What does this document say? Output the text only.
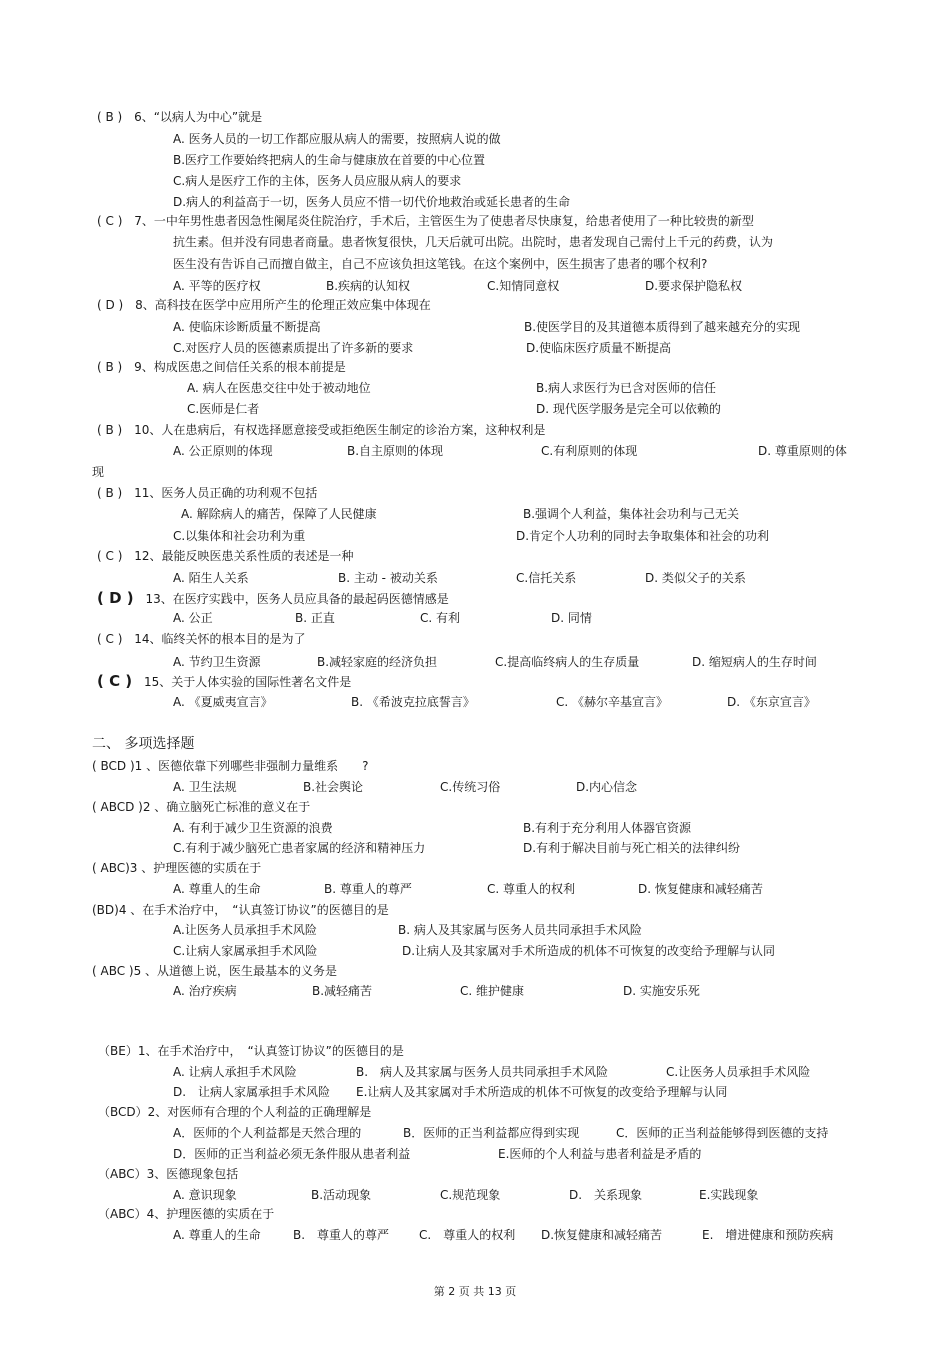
( B ) 6、“以病人为中心”就是
A. 医务人员的一切工作都应服从病人的需要，按照病人说的做
B.医疗工作要始终把病人的生命与健康放在首要的中心位置
C.病人是医疗工作的主体，医务人员应服从病人的要求
D.病人的利益高于一切，医务人员应不惜一切代价地救治或延长患者的生命
( C ) 7、一中年男性患者因急性阑尾炎住院治疗，手术后，主管医生为了使患者尽快康复，给患者使用了一种比较贵的新型
抗生素。但并没有同患者商量。患者恢复很快，几天后就可出院。出院时，患者发现自己需付上千元的药费，认为
医生没有告诉自己而擅自做主，自己不应该负担这笔钱。在这个案例中，医生损害了患者的哪个权利?
A. 平等的医疗权	B.疾病的认知权	C.知情同意权	D.要求保护隐私权
( D ) 8、高科技在医学中应用所产生的伦理正效应集中体现在
A. 使临床诊断质量不断提高	B.使医学目的及其道德本质得到了越来越充分的实现
C.对医疗人员的医德素质提出了许多新的要求	D.使临床医疗质量不断提高
( B ) 9、构成医患之间信任关系的根本前提是
A. 病人在医患交往中处于被动地位	B.病人求医行为已含对医师的信任
C.医师是仁者	D. 现代医学服务是完全可以依赖的
( B ) 10、人在患病后，有权选择愿意接受或拒绝医生制定的诊治方案，这种权利是
A. 公正原则的体现	B.自主原则的体现	C.有利原则的体现	D. 尊重原则的体
现
( B ) 11、医务人员正确的功利观不包括
A. 解除病人的痛苦，保障了人民健康	B.强调个人利益，集体社会功利与己无关
C.以集体和社会功利为重	D.肯定个人功利的同时去争取集体和社会的功利
( C ) 12、最能反映医患关系性质的表述是一种
A. 陌生人关系	B. 主动 - 被动关系	C.信托关系	D. 类似父子的关系
( D ) 13、在医疗实践中，医务人员应具备的最起码医德情感是
A. 公正	B. 正直	C. 有利	D. 同情
( C ) 14、临终关怀的根本目的是为了
A. 节约卫生资源	B.减轻家庭的经济负担	C.提高临终病人的生存质量	D. 缩短病人的生存时间
( C ) 15、关于人体实验的国际性著名文件是
A. 《夏威夷宣言》	B. 《希波克拉底誓言》	C. 《赫尔辛基宣言》	D. 《东京宣言》
二、 多项选择题
( BCD )1 、医德依靠下列哪些非强制力量维系　　?
A. 卫生法规	B.社会舆论	C.传统习俗	D.内心信念
( ABCD )2 、确立脑死亡标准的意义在于
A. 有利于减少卫生资源的浪费	B.有利于充分利用人体器官资源
C.有利于减少脑死亡患者家属的经济和精神压力	D.有利于解决目前与死亡相关的法律纠纷
( ABC)3 、护理医德的实质在于
A. 尊重人的生命	B. 尊重人的尊严	C. 尊重人的权利	D. 恢复健康和减轻痛苦
(BD)4 、在手术治疗中，　“认真签订协议”的医德目的是
A.让医务人员承担手术风险	B. 病人及其家属与医务人员共同承担手术风险
C.让病人家属承担手术风险	D.让病人及其家属对手术所造成的机体不可恢复的改变给予理解与认同
( ABC )5 、从道德上说，医生最基本的义务是
A. 治疗疾病	B.减轻痛苦	C. 维护健康	D. 实施安乐死
（BE）1、在手术治疗中，　“认真签订协议”的医德目的是
A. 让病人承担手术风险	B.　病人及其家属与医务人员共同承担手术风险	C.让医务人员承担手术风险
D.　让病人家属承担手术风险 E.让病人及其家属对手术所造成的机体不可恢复的改变给予理解与认同
（BCD）2、对医师有合理的个人利益的正确理解是
A．医师的个人利益都是天然合理的	B．医师的正当利益都应得到实现	C．医师的正当利益能够得到医德的支持
D．医师的正当利益必须无条件服从患者利益	E.医师的个人利益与患者利益是矛盾的
（ABC）3、医德现象包括
A. 意识现象	B.活动现象	C.规范现象	D.　关系现象	E.实践现象
（ABC）4、护理医德的实质在于
A. 尊重人的生命	B.　尊重人的尊严 C.　尊重人的权利 D.恢复健康和减轻痛苦	E.　增进健康和预防疾病
第 2 页 共 13 页
